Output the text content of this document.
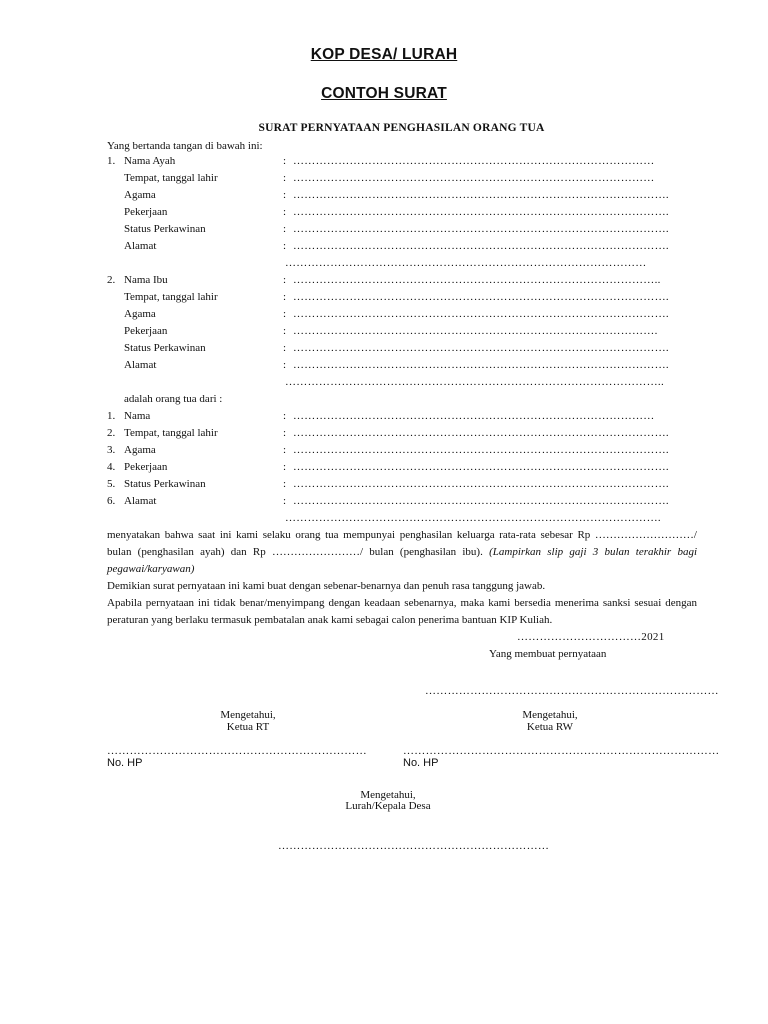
KOP DESA/ LURAH
CONTOH SURAT
SURAT PERNYATAAN PENGHASILAN ORANG TUA
Yang bertanda tangan di bawah ini:
1. Nama Ayah	: ……………………………………………………………………………………
Tempat, tanggal lahir	: ……………………………………………………………………………………
Agama	: ……………………………………………………………………………………….
Pekerjaan	: ……………………………………………………………………………………….
Status Perkawinan	: ……………………………………………………………………………………….
Alamat	: ……………………………………………………………………………………….
……………………………………………………………………………………
2. Nama Ibu	: ……………………………………………………………………………………..
Tempat, tanggal lahir	: ……………………………………………………………………………………….
Agama	: ……………………………………………………………………………………….
Pekerjaan	: …………………………………………………………………………………….
Status Perkawinan	: ……………………………………………………………………………………….
Alamat	: ……………………………………………………………………………………….
………………………………………………………………………………………..
adalah orang tua dari :
1. Nama	: ……………………………………………………………………………………
2. Tempat, tanggal lahir	: ……………………………………………………………………………………….
3. Agama	: ……………………………………………………………………………………….
4. Pekerjaan	: ……………………………………………………………………………………….
5. Status Perkawinan	: ……………………………………………………………………………………….
6. Alamat	: ……………………………………………………………………………………….
……………………………………………………………………………………….
menyatakan bahwa saat ini kami selaku orang tua mempunyai penghasilan keluarga rata-rata sebesar Rp ………………………/
bulan (penghasilan ayah) dan Rp ……………………/ bulan (penghasilan ibu). (Lampirkan slip gaji 3 bulan terakhir bagi
pegawai/karyawan)
Demikian surat pernyataan ini kami buat dengan sebenar-benarnya dan penuh rasa tanggung jawab.
Apabila pernyataan ini tidak benar/menyimpang dengan keadaan sebenarnya, maka kami bersedia menerima sanksi sesuai dengan
peraturan yang berlaku termasuk pembatalan anak kami sebagai calon penerima bantuan KIP Kuliah.
……………………………2021
Yang membuat pernyataan
……………………………………………………………………
Mengetahui,
Ketua RT
……………………………………………………………
No. HP
Mengetahui,
Ketua RW
…………………………………………………………………………
No. HP
Mengetahui,
Lurah/Kepala Desa
………………………………………………………………
